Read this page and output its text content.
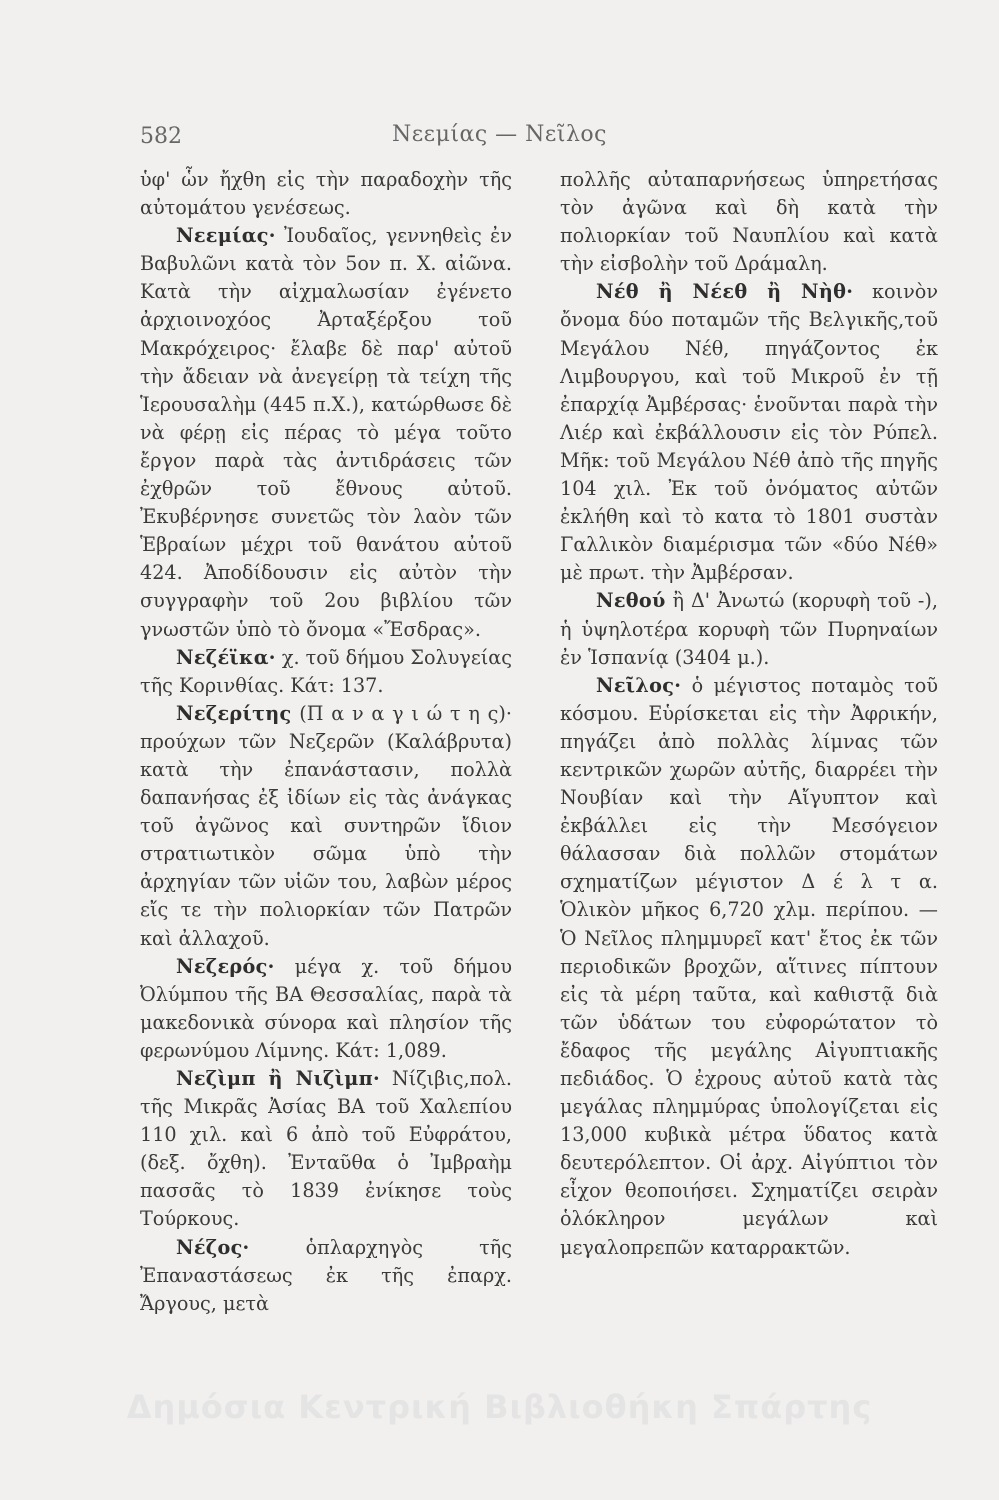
582	Νεεμίας — Νεῖλος

ὑφ' ὧν ἤχθη εἰς τὴν παραδοχὴν τῆς αὐτομάτου γενέσεως.

Νεεμίας· Ἰουδαῖος, γεννηθεὶς ἐν Βαβυλῶνι κατὰ τὸν 5ον π. Χ. αἰῶνα. Κατὰ τὴν αἰχμαλωσίαν ἐγένετο ἀρχιοινοχόος Ἀρταξέρξου τοῦ Μακρόχειρος· ἔλαβε δὲ παρ' αὐτοῦ τὴν ἄδειαν νὰ ἀνεγείρῃ τὰ τείχη τῆς Ἱερουσαλὴμ (445 π.Χ.), κατώρθωσε δὲ νὰ φέρῃ εἰς πέρας τὸ μέγα τοῦτο ἔργον παρὰ τὰς ἀντιδράσεις τῶν ἐχθρῶν τοῦ ἔθνους αὐτοῦ. Ἐκυβέρνησε συνετῶς τὸν λαὸν τῶν Ἑβραίων μέχρι τοῦ θανάτου αὐτοῦ 424. Ἀποδίδουσιν εἰς αὐτὸν τὴν συγγραφὴν τοῦ 2ου βιβλίου τῶν γνωστῶν ὑπὸ τὸ ὄνομα «Ἔσδρας».

Νεζέϊκα· χ. τοῦ δήμου Σολυγείας τῆς Κορινθίας. Κάτ: 137.

Νεζερίτης (Π α ν α γ ι ώ τ η ς)· προύχων τῶν Νεζερῶν (Καλάβρυτα) κατὰ τὴν ἐπανάστασιν, πολλὰ δαπανήσας ἐξ ἰδίων εἰς τὰς ἀνάγκας τοῦ ἀγῶνος καὶ συντηρῶν ἴδιον στρατιωτικὸν σῶμα ὑπὸ τὴν ἀρχηγίαν τῶν υἱῶν του, λαβὼν μέρος εἴς τε τὴν πολιορκίαν τῶν Πατρῶν καὶ ἀλλαχοῦ.

Νεζερός· μέγα χ. τοῦ δήμου Ὀλύμπου τῆς ΒΑ Θεσσαλίας, παρὰ τὰ μακεδονικὰ σύνορα καὶ πλησίον τῆς φερωνύμου Λίμνης. Κάτ: 1,089.

Νεζὶμπ ἢ Νιζὶμπ· Νίζιβις,πολ. τῆς Μικρᾶς Ἀσίας ΒΑ τοῦ Χαλεπίου 110 χιλ. καὶ 6 ἀπὸ τοῦ Εὐφράτου, (δεξ. ὄχθη). Ἐνταῦθα ὁ Ἰμβραὴμ πασσᾶς τὸ 1839 ἐνίκησε τοὺς Τούρκους.

Νέζος· ὁπλαρχηγὸς τῆς Ἐπαναστάσεως ἐκ τῆς ἐπαρχ. Ἄργους, μετὰ

πολλῆς αὐταπαρνήσεως ὑπηρετήσας τὸν ἀγῶνα καὶ δὴ κατὰ τὴν πολιορκίαν τοῦ Ναυπλίου καὶ κατὰ τὴν εἰσβολὴν τοῦ Δράμαλη.

Νέθ ἢ Νέεθ ἢ Νὴθ· κοινὸν ὄνομα δύο ποταμῶν τῆς Βελγικῆς,τοῦ Μεγάλου Νέθ, πηγάζοντος ἐκ Λιμβουργου, καὶ τοῦ Μικροῦ ἐν τῇ ἐπαρχίᾳ Ἀμβέρσας· ἑνοῦνται παρὰ τὴν Λιέρ καὶ ἐκβάλλουσιν εἰς τὸν Ρύπελ. Μῆκ: τοῦ Μεγάλου Νέθ ἀπὸ τῆς πηγῆς 104 χιλ. Ἐκ τοῦ ὀνόματος αὐτῶν ἐκλήθη καὶ τὸ κατα τὸ 1801 συστὰν Γαλλικὸν διαμέρισμα τῶν «δύο Νέθ» μὲ πρωτ. τὴν Ἀμβέρσαν.

Νεθού ἢ Δ' Ἀνωτώ (κορυφὴ τοῦ -), ἡ ὑψηλοτέρα κορυφὴ τῶν Πυρηναίων ἐν Ἱσπανίᾳ (3404 μ.).

Νεῖλος· ὁ μέγιστος ποταμὸς τοῦ κόσμου. Εὑρίσκεται εἰς τὴν Ἀφρικήν, πηγάζει ἀπὸ πολλὰς λίμνας τῶν κεντρικῶν χωρῶν αὐτῆς, διαρρέει τὴν Νουβίαν καὶ τὴν Αἴγυπτον καὶ ἐκβάλλει εἰς τὴν Μεσόγειον θάλασσαν διὰ πολλῶν στομάτων σχηματίζων μέγιστον Δ έ λ τ α. Ὁλικὸν μῆκος 6,720 χλμ. περίπου. — Ὁ Νεῖλος πλημμυρεῖ κατ' ἔτος ἐκ τῶν περιοδικῶν βροχῶν, αἵτινες πίπτουν εἰς τὰ μέρη ταῦτα, καὶ καθιστᾷ διὰ τῶν ὑδάτων του εὐφορώτατον τὸ ἔδαφος τῆς μεγάλης Αἰγυπτιακῆς πεδιάδος. Ὁ ἐχρους αὐτοῦ κατὰ τὰς μεγάλας πλημμύρας ὑπολογίζεται εἰς 13,000 κυβικὰ μέτρα ὕδατος κατὰ δευτερόλεπτον. Οἱ ἀρχ. Αἰγύπτιοι τὸν εἶχον θεοποιήσει. Σχηματίζει σειρὰν ὁλόκληρον μεγάλων καὶ μεγαλοπρεπῶν καταρρακτῶν.

Δημόσια Κεντρική Βιβλιοθήκη Σπάρτης
